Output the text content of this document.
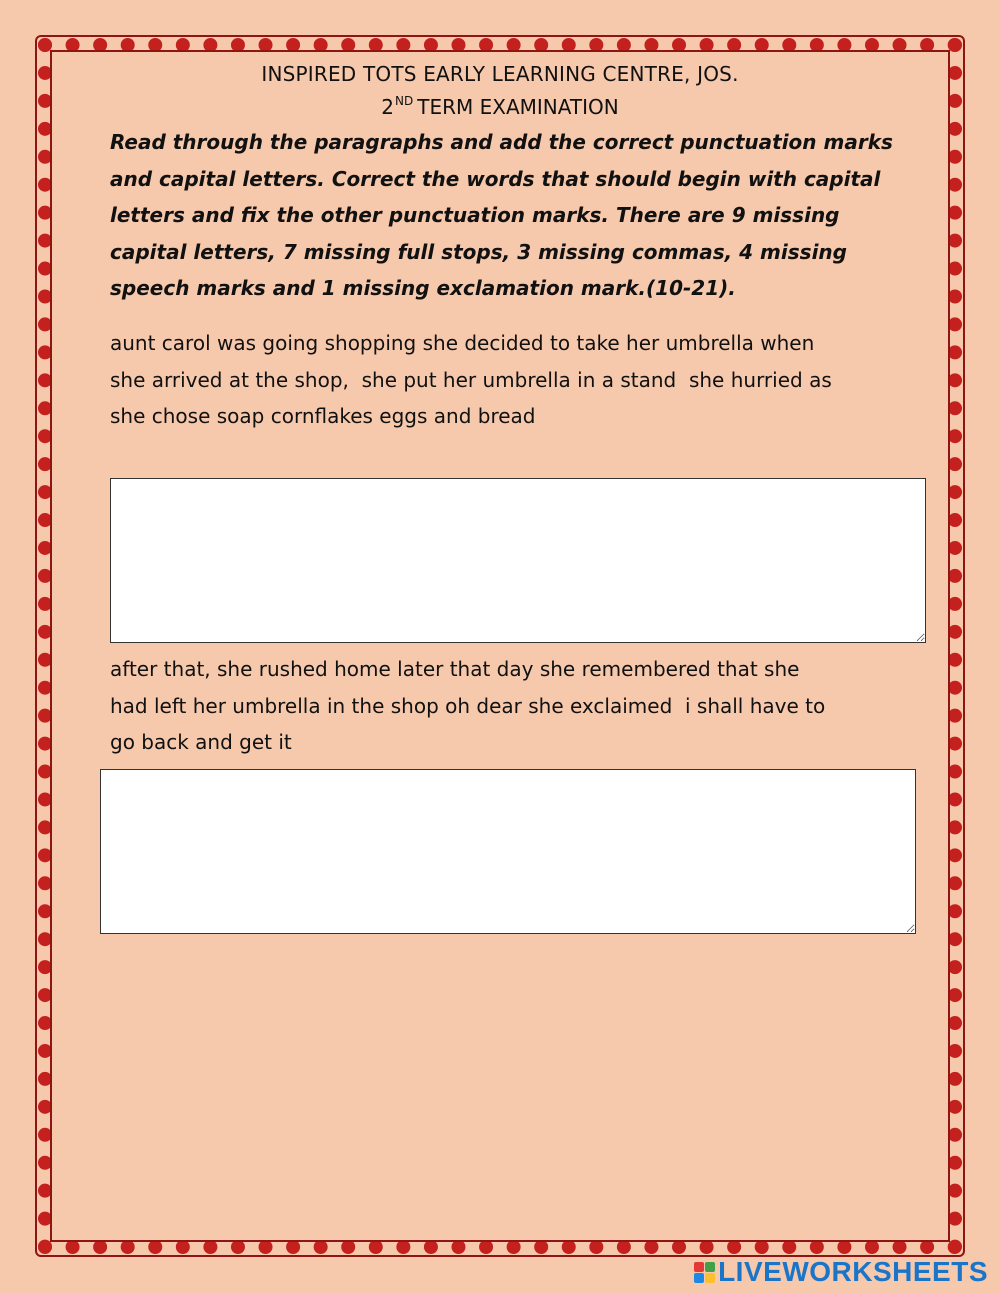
INSPIRED TOTS EARLY LEARNING CENTRE, JOS.
2ND TERM EXAMINATION
Read through the paragraphs and add the correct punctuation marks and capital letters. Correct the words that should begin with capital letters and fix the other punctuation marks. There are 9 missing capital letters, 7 missing full stops, 3 missing commas, 4 missing speech marks and 1 missing exclamation mark.(10-21).
aunt carol was going shopping she decided to take her umbrella when
she arrived at the shop,  she put her umbrella in a stand  she hurried as
she chose soap cornflakes eggs and bread
after that, she rushed home later that day she remembered that she
had left her umbrella in the shop oh dear she exclaimed  i shall have to
go back and get it
LIVEWORKSHEETS
